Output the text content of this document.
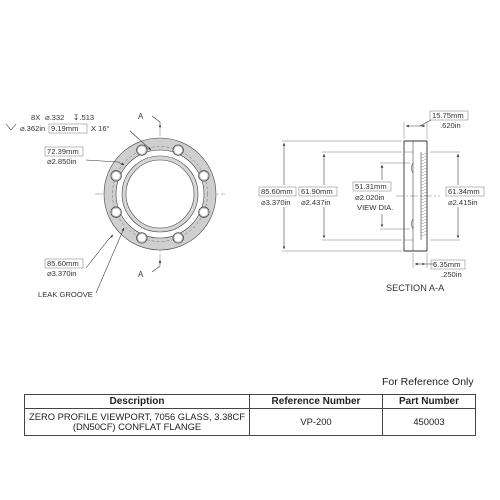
A
A
8X ⌀.332 ↧.513
⌀.362in 9.19mm X 16°
72.39mm
⌀2.850in
85.60mm
⌀3.370in
LEAK GROOVE
85.60mm
⌀3.370in
61.90mm
⌀2.437in
51.31mm
⌀2.020in
VIEW DIA.
61.34mm
⌀2.415in
15.75mm
.620in
6.35mm
.250in
SECTION A-A
For Reference Only
Description	Reference Number	Part Number

ZERO PROFILE VIEWPORT, 7056 GLASS, 3.38CF
(DN50CF) CONFLAT FLANGE	VP-200	450003
